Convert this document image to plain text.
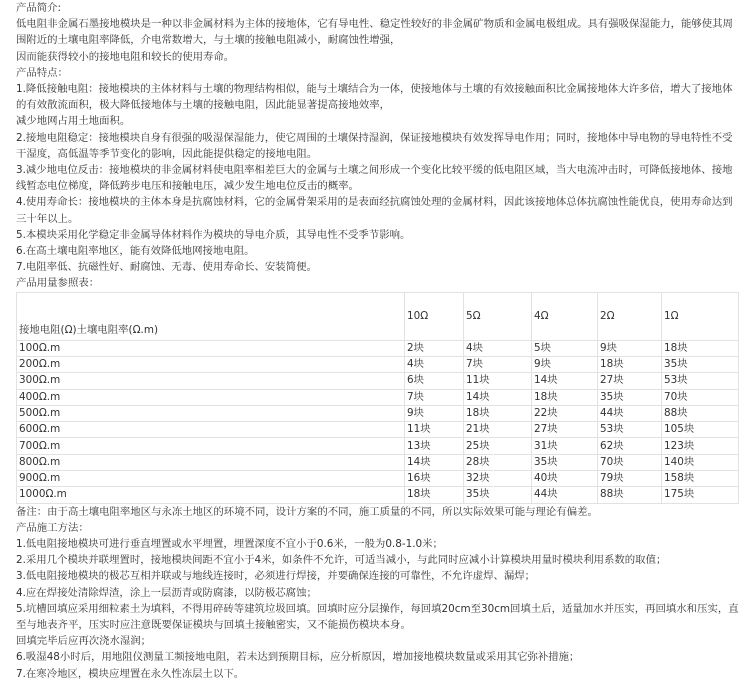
产品简介:

低电阻非金属石墨接地模块是一种以非金属材料为主体的接地体，它有导电性、稳定性较好的非金属矿物质和金属电极组成。具有强吸保湿能力，能够使其周围附近的土壤电阻率降低，介电常数增大，与土壤的接触电阻减小，耐腐蚀性增强，

因而能获得较小的接地电阻和较长的使用寿命。

产品特点：

1.降低接触电阻：接地模块的主体材料与土壤的物理结构相似，能与土壤结合为一体，使接地体与土壤的有效接触面积比金属接地体大许多倍，增大了接地体的有效散流面积，极大降低接地体与土壤的接触电阻，因此能显著提高接地效率，

减少地网占用土地面积。

2.接地电阻稳定：接地模块自身有很强的吸湿保湿能力，使它周围的土壤保持湿润，保证接地模块有效发挥导电作用；同时，接地体中导电物的导电特性不受干湿度，高低温等季节变化的影响，因此能提供稳定的接地电阻。

3.减少地电位反击：接地模块的非金属材料使电阻率相差巨大的金属与土壤之间形成一个变化比较平缓的低电阻区域，当大电流冲击时，可降低接地体、接地线暂态电位梯度，降低跨步电压和接触电压，减少发生地电位反击的概率。

4.使用寿命长：接地模块的主体本身是抗腐蚀材料，它的金属骨架采用的是表面经抗腐蚀处理的金属材料，因此该接地体总体抗腐蚀性能优良，使用寿命达到三十年以上。

5.本模块采用化学稳定非金属导体材料作为模块的导电介质，其导电性不受季节影响。

6.在高土壤电阻率地区，能有效降低地网接地电阻。

7.电阻率低、抗磁性好、耐腐蚀、无毒、使用寿命长、安装简便。

产品用量参照表：

接地电阻(Ω)土壤电阻率(Ω.m)	10Ω	5Ω	4Ω	2Ω	1Ω
100Ω.m	2块	4块	5块	9块	18块
200Ω.m	4块	7块	9块	18块	35块
300Ω.m	6块	11块	14块	27块	53块
400Ω.m	7块	14块	18块	35块	70块
500Ω.m	9块	18块	22块	44块	88块
600Ω.m	11块	21块	27块	53块	105块
700Ω.m	13块	25块	31块	62块	123块
800Ω.m	14块	28块	35块	70块	140块
900Ω.m	16块	32块	40块	79块	158块
1000Ω.m	18块	35块	44块	88块	175块

备注：由于高土壤电阻率地区与永冻土地区的环境不同，设计方案的不同，施工质量的不同，所以实际效果可能与理论有偏差。

产品施工方法：

1.低电阻接地模块可进行垂直埋置或水平埋置，埋置深度不宜小于0.6米，一般为0.8-1.0米；

2.采用几个模块并联埋置时，接地模块间距不宜小于4米，如条件不允许，可适当减小，与此同时应减小计算模块用量时模块利用系数的取值；

3.低电阻接地模块的极芯互相并联或与地线连接时，必须进行焊接，并要确保连接的可靠性，不允许虚焊、漏焊；

4.应在焊接处清除焊渣，涂上一层沥青或防腐漆，以防极芯腐蚀；

5.坑槽回填应采用细粒素土为填料，不得用碎砖等建筑垃圾回填。回填时应分层操作，每回填20cm至30cm回填土后，适量加水并压实，再回填水和压实，直至与地表齐平，压实时应注意既要保证模块与回填土接触密实，又不能损伤模块本身。

回填完毕后应再次浇水湿润；

6.吸湿48小时后，用地阻仪测量工频接地电阻，若未达到预期目标，应分析原因，增加接地模块数量或采用其它弥补措施；

7.在寒冷地区，模块应埋置在永久性冻层土以下。
